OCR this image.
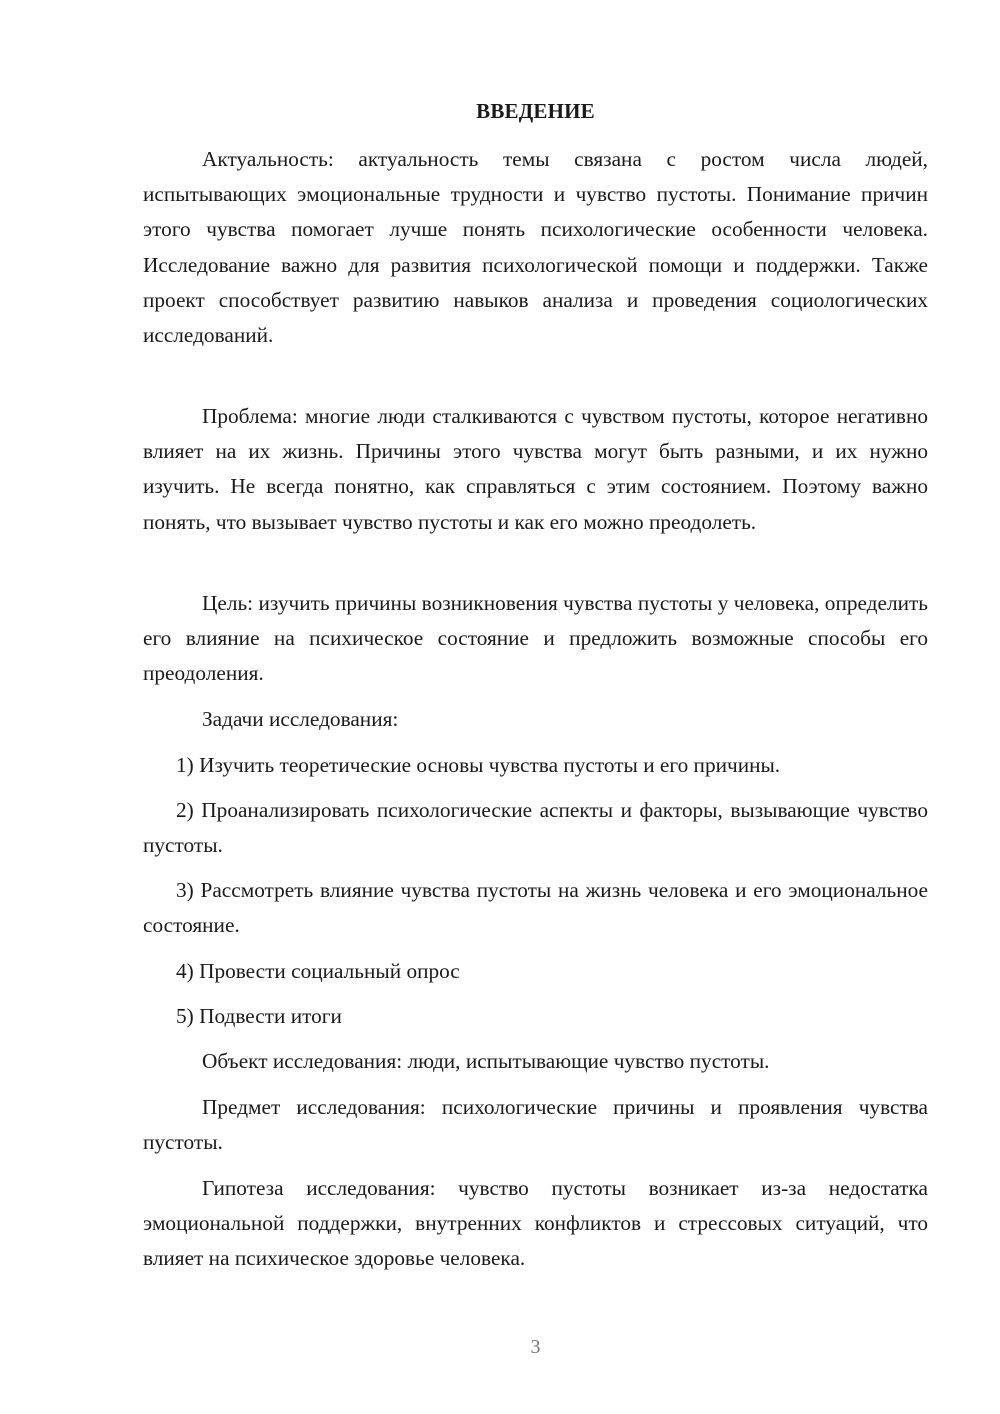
ВВЕДЕНИЕ

Актуальность: актуальность темы связана с ростом числа людей, испытывающих эмоциональные трудности и чувство пустоты. Понимание причин этого чувства помогает лучше понять психологические особенности человека. Исследование важно для развития психологической помощи и поддержки. Также проект способствует развитию навыков анализа и проведения социологических исследований.

Проблема: многие люди сталкиваются с чувством пустоты, которое негативно влияет на их жизнь. Причины этого чувства могут быть разными, и их нужно изучить. Не всегда понятно, как справляться с этим состоянием. Поэтому важно понять, что вызывает чувство пустоты и как его можно преодолеть.

Цель: изучить причины возникновения чувства пустоты у человека, определить его влияние на психическое состояние и предложить возможные способы его преодоления.

Задачи исследования:

1) Изучить теоретические основы чувства пустоты и его причины.

2) Проанализировать психологические аспекты и факторы, вызывающие чувство пустоты.

3) Рассмотреть влияние чувства пустоты на жизнь человека и его эмоциональное состояние.

4) Провести социальный опрос

5) Подвести итоги

Объект исследования: люди, испытывающие чувство пустоты.

Предмет исследования: психологические причины и проявления чувства пустоты.

Гипотеза исследования: чувство пустоты возникает из-за недостатка эмоциональной поддержки, внутренних конфликтов и стрессовых ситуаций, что влияет на психическое здоровье человека.

3
